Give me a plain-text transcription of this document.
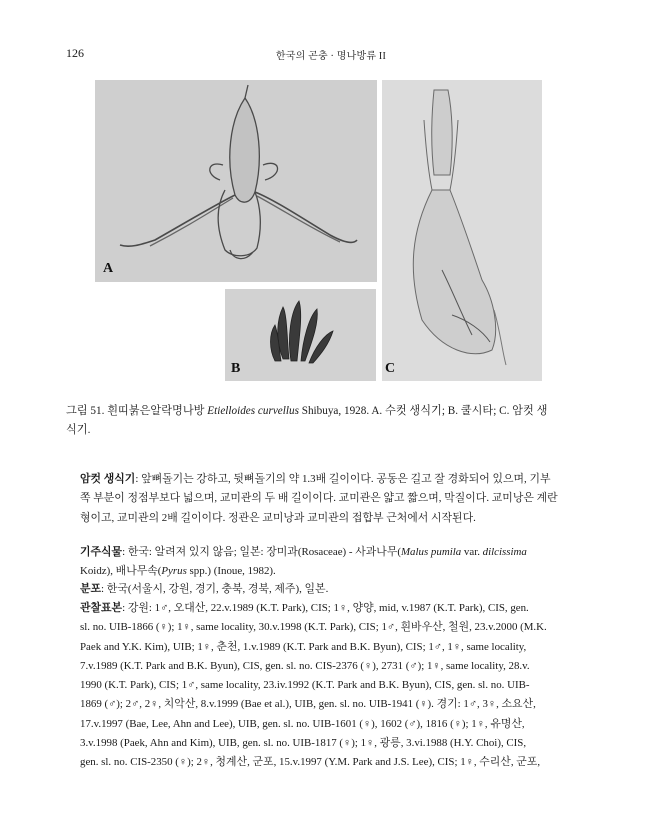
126	한국의 곤충 · 명나방류 II
A
B	C
그림 51. 흰띠붉은알락명나방 Etielloides curvellus Shibuya, 1928. A. 수컷 생식기; B. 쿨시타; C. 암컷 생
식기.
암컷 생식기: 앞뼈돌기는 강하고, 뒷뼈돌기의 약 1.3배 길이이다. 공동은 길고 잘 경화되어 있으며, 기부
쪽 부분이 정점부보다 넓으며, 교미관의 두 배 길이이다. 교미관은 얇고 짧으며, 막질이다. 교미낭은 계란
형이고, 교미관의 2배 길이이다. 정관은 교미낭과 교미관의 접합부 근처에서 시작된다.
기주식물: 한국: 알려져 있지 않음; 일본: 장미과(Rosaceae) - 사과나무(Malus pumila var. dilcissima
Koidz), 배나무속(Pyrus spp.) (Inoue, 1982).
분포: 한국(서울시, 강원, 경기, 충북, 경북, 제주), 일본.
관찰표본: 강원: 1♂, 오대산, 22.v.1989 (K.T. Park), CIS; 1♀, 양양, mid, v.1987 (K.T. Park), CIS, gen.
sl. no. UIB-1866 (♀); 1♀, same locality, 30.v.1998 (K.T. Park), CIS; 1♂, 흰바우산, 철원, 23.v.2000 (M.K.
Paek and Y.K. Kim), UIB; 1♀, 춘천, 1.v.1989 (K.T. Park and B.K. Byun), CIS; 1♂, 1♀, same locality,
7.v.1989 (K.T. Park and B.K. Byun), CIS, gen. sl. no. CIS-2376 (♀), 2731 (♂); 1♀, same locality, 28.v.
1990 (K.T. Park), CIS; 1♂, same locality, 23.iv.1992 (K.T. Park and B.K. Byun), CIS, gen. sl. no. UIB-
1869 (♂); 2♂, 2♀, 치악산, 8.v.1999 (Bae et al.), UIB, gen. sl. no. UIB-1941 (♀). 경기: 1♂, 3♀, 소요산,
17.v.1997 (Bae, Lee, Ahn and Lee), UIB, gen. sl. no. UIB-1601 (♀), 1602 (♂), 1816 (♀); 1♀, 유명산,
3.v.1998 (Paek, Ahn and Kim), UIB, gen. sl. no. UIB-1817 (♀); 1♀, 광릉, 3.vi.1988 (H.Y. Choi), CIS,
gen. sl. no. CIS-2350 (♀); 2♀, 청계산, 군포, 15.v.1997 (Y.M. Park and J.S. Lee), CIS; 1♀, 수리산, 군포,
